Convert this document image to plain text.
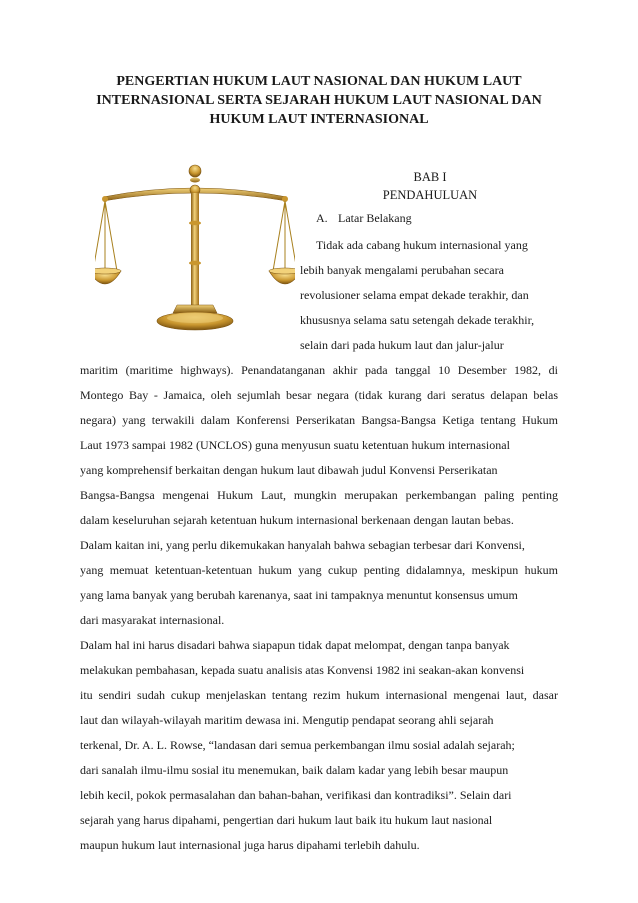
PENGERTIAN HUKUM LAUT NASIONAL DAN HUKUM LAUT
INTERNASIONAL SERTA SEJARAH HUKUM LAUT NASIONAL DAN
HUKUM LAUT INTERNASIONAL
BAB I
PENDAHULUAN
A. Latar Belakang
Tidak ada cabang hukum internasional yang
lebih banyak mengalami perubahan secara
revolusioner selama empat dekade terakhir, dan
khususnya selama satu setengah dekade terakhir,
selain dari pada hukum laut dan jalur-jalur
maritim (maritime highways). Penandatanganan akhir pada tanggal 10 Desember 1982, di
Montego Bay - Jamaica, oleh sejumlah besar negara (tidak kurang dari seratus delapan belas
negara) yang terwakili dalam Konferensi Perserikatan Bangsa-Bangsa Ketiga tentang Hukum
Laut 1973 sampai 1982 (UNCLOS) guna menyusun suatu ketentuan hukum internasional
yang komprehensif berkaitan dengan hukum laut dibawah judul Konvensi Perserikatan
Bangsa-Bangsa mengenai Hukum Laut, mungkin merupakan perkembangan paling penting
dalam keseluruhan sejarah ketentuan hukum internasional berkenaan dengan lautan bebas.
Dalam kaitan ini, yang perlu dikemukakan hanyalah bahwa sebagian terbesar dari Konvensi,
yang memuat ketentuan-ketentuan hukum yang cukup penting didalamnya, meskipun hukum
yang lama banyak yang berubah karenanya, saat ini tampaknya menuntut konsensus umum
dari masyarakat internasional.
Dalam hal ini harus disadari bahwa siapapun tidak dapat melompat, dengan tanpa banyak
melakukan pembahasan, kepada suatu analisis atas Konvensi 1982 ini seakan-akan konvensi
itu sendiri sudah cukup menjelaskan tentang rezim hukum internasional mengenai laut, dasar
laut dan wilayah-wilayah maritim dewasa ini. Mengutip pendapat seorang ahli sejarah
terkenal, Dr. A. L. Rowse, “landasan dari semua perkembangan ilmu sosial adalah sejarah;
dari sanalah ilmu-ilmu sosial itu menemukan, baik dalam kadar yang lebih besar maupun
lebih kecil, pokok permasalahan dan bahan-bahan, verifikasi dan kontradiksi”. Selain dari
sejarah yang harus dipahami, pengertian dari hukum laut baik itu hukum laut nasional
maupun hukum laut internasional juga harus dipahami terlebih dahulu.
